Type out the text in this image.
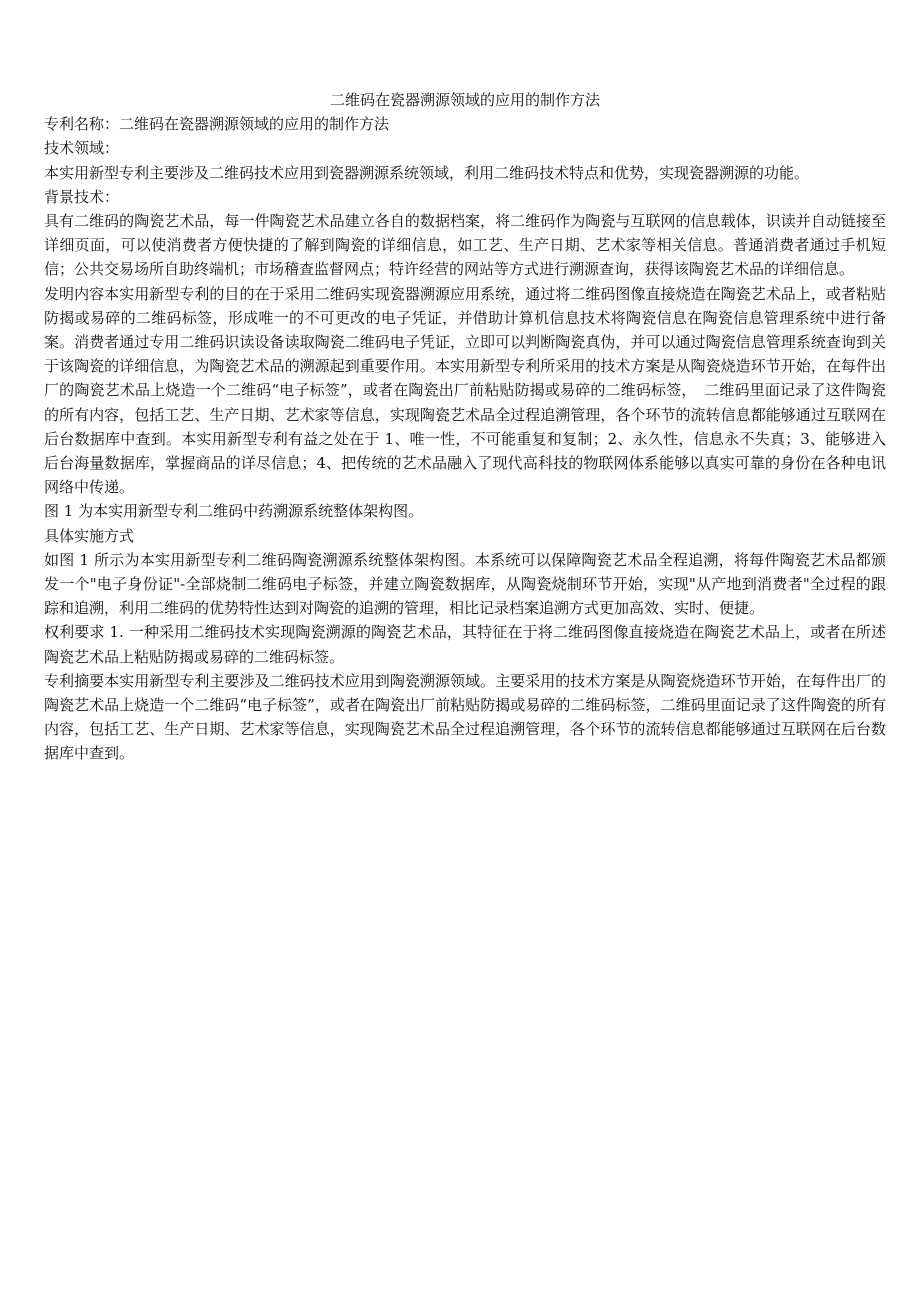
二维码在瓷器溯源领域的应用的制作方法

专利名称：二维码在瓷器溯源领域的应用的制作方法

技术领域：

本实用新型专利主要涉及二维码技术应用到瓷器溯源系统领域，利用二维码技术特点和优势，实现瓷器溯源的功能。

背景技术：

具有二维码的陶瓷艺术品，每一件陶瓷艺术品建立各自的数据档案，将二维码作为陶瓷与互联网的信息载体，识读并自动链接至详细页面，可以使消费者方便快捷的了解到陶瓷的详细信息，如工艺、生产日期、艺术家等相关信息。普通消费者通过手机短信；公共交易场所自助终端机；市场稽查监督网点；特许经营的网站等方式进行溯源查询，获得该陶瓷艺术品的详细信息。

发明内容本实用新型专利的目的在于采用二维码实现瓷器溯源应用系统，通过将二维码图像直接烧造在陶瓷艺术品上，或者粘贴防揭或易碎的二维码标签，形成唯一的不可更改的电子凭证，并借助计算机信息技术将陶瓷信息在陶瓷信息管理系统中进行备案。消费者通过专用二维码识读设备读取陶瓷二维码电子凭证，立即可以判断陶瓷真伪，并可以通过陶瓷信息管理系统查询到关于该陶瓷的详细信息，为陶瓷艺术品的溯源起到重要作用。本实用新型专利所采用的技术方案是从陶瓷烧造环节开始，在每件出厂的陶瓷艺术品上烧造一个二维码“电子标签”，或者在陶瓷出厂前粘贴防揭或易碎的二维码标签，　二维码里面记录了这件陶瓷的所有内容，包括工艺、生产日期、艺术家等信息，实现陶瓷艺术品全过程追溯管理，各个环节的流转信息都能够通过互联网在后台数据库中查到。本实用新型专利有益之处在于 1、唯一性，不可能重复和复制；2、永久性，信息永不失真；3、能够进入后台海量数据库，掌握商品的详尽信息；4、把传统的艺术品融入了现代高科技的物联网体系能够以真实可靠的身份在各种电讯网络中传递。

图 1 为本实用新型专利二维码中药溯源系统整体架构图。

具体实施方式

如图 1 所示为本实用新型专利二维码陶瓷溯源系统整体架构图。本系统可以保障陶瓷艺术品全程追溯，将每件陶瓷艺术品都颁发一个"电子身份证"-全部烧制二维码电子标签，并建立陶瓷数据库，从陶瓷烧制环节开始，实现"从产地到消费者"全过程的跟踪和追溯，利用二维码的优势特性达到对陶瓷的追溯的管理，相比记录档案追溯方式更加高效、实时、便捷。

权利要求 1. 一种采用二维码技术实现陶瓷溯源的陶瓷艺术品，其特征在于将二维码图像直接烧造在陶瓷艺术品上，或者在所述陶瓷艺术品上粘贴防揭或易碎的二维码标签。

专利摘要本实用新型专利主要涉及二维码技术应用到陶瓷溯源领域。主要采用的技术方案是从陶瓷烧造环节开始，在每件出厂的陶瓷艺术品上烧造一个二维码“电子标签”，或者在陶瓷出厂前粘贴防揭或易碎的二维码标签，二维码里面记录了这件陶瓷的所有内容，包括工艺、生产日期、艺术家等信息，实现陶瓷艺术品全过程追溯管理，各个环节的流转信息都能够通过互联网在后台数据库中查到。
